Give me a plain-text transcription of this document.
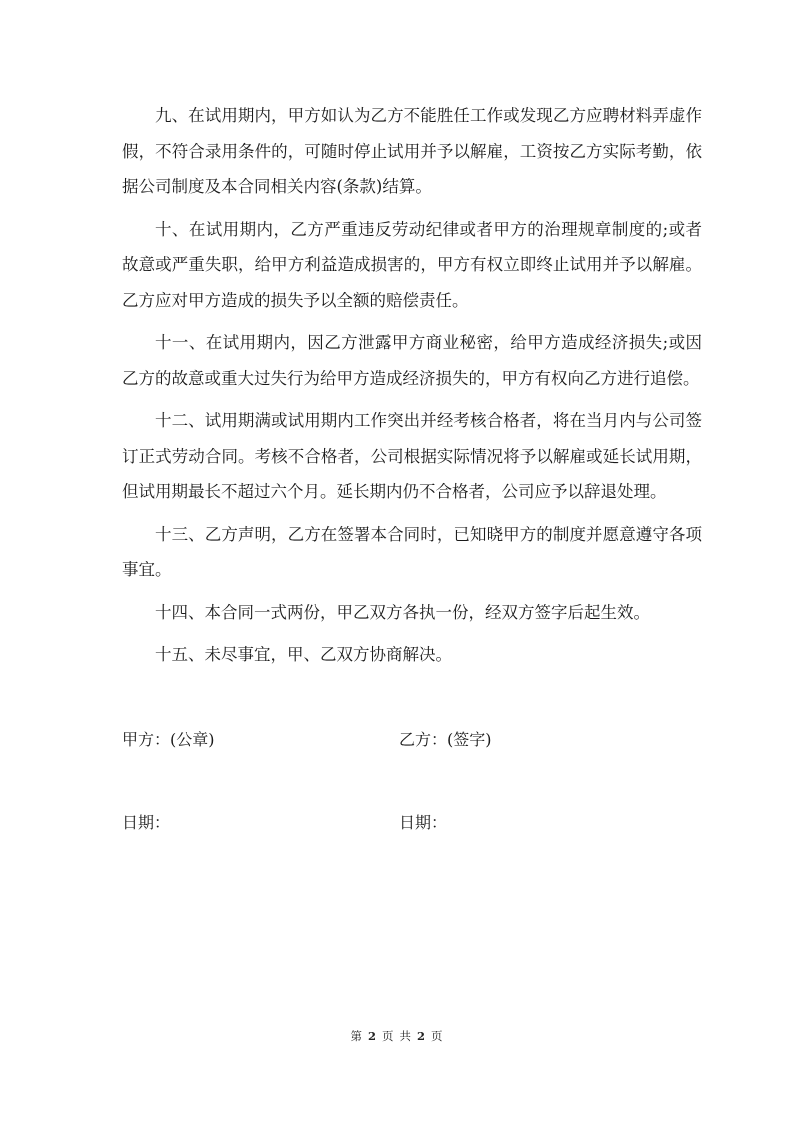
九、在试用期内，甲方如认为乙方不能胜任工作或发现乙方应聘材料弄虚作假，不符合录用条件的，可随时停止试用并予以解雇，工资按乙方实际考勤，依据公司制度及本合同相关内容(条款)结算。

十、在试用期内，乙方严重违反劳动纪律或者甲方的治理规章制度的;或者故意或严重失职，给甲方利益造成损害的，甲方有权立即终止试用并予以解雇。乙方应对甲方造成的损失予以全额的赔偿责任。

十一、在试用期内，因乙方泄露甲方商业秘密，给甲方造成经济损失;或因乙方的故意或重大过失行为给甲方造成经济损失的，甲方有权向乙方进行追偿。

十二、试用期满或试用期内工作突出并经考核合格者，将在当月内与公司签订正式劳动合同。考核不合格者，公司根据实际情况将予以解雇或延长试用期，但试用期最长不超过六个月。延长期内仍不合格者，公司应予以辞退处理。

十三、乙方声明，乙方在签署本合同时，已知晓甲方的制度并愿意遵守各项事宜。

十四、本合同一式两份，甲乙双方各执一份，经双方签字后起生效。

十五、未尽事宜，甲、乙双方协商解决。

甲方：(公章)	乙方：(签字)
日期：	日期：
第 2 页 共 2 页
